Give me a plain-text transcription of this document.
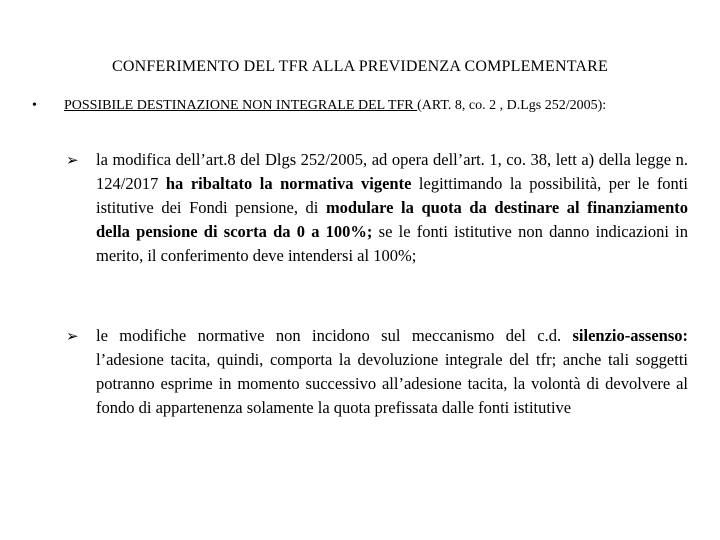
CONFERIMENTO DEL TFR ALLA PREVIDENZA COMPLEMENTARE
• POSSIBILE DESTINAZIONE NON INTEGRALE DEL TFR (ART. 8, co. 2 , D.Lgs 252/2005):
➢	la modifica dell’art.8 del Dlgs 252/2005, ad opera dell’art. 1, co. 38, lett a) della legge n. 124/2017 ha ribaltato la normativa vigente legittimando la possibilità, per le fonti istitutive dei Fondi pensione, di modulare la quota da destinare al finanziamento della pensione di scorta da 0 a 100%; se le fonti istitutive non danno indicazioni in merito, il conferimento deve intendersi al 100%;
➢	le modifiche normative non incidono sul meccanismo del c.d. silenzio-assenso: l’adesione tacita, quindi, comporta la devoluzione integrale del tfr; anche tali soggetti potranno esprime in momento successivo all’adesione tacita, la volontà di devolvere al fondo di appartenenza solamente la quota prefissata dalle fonti istitutive
